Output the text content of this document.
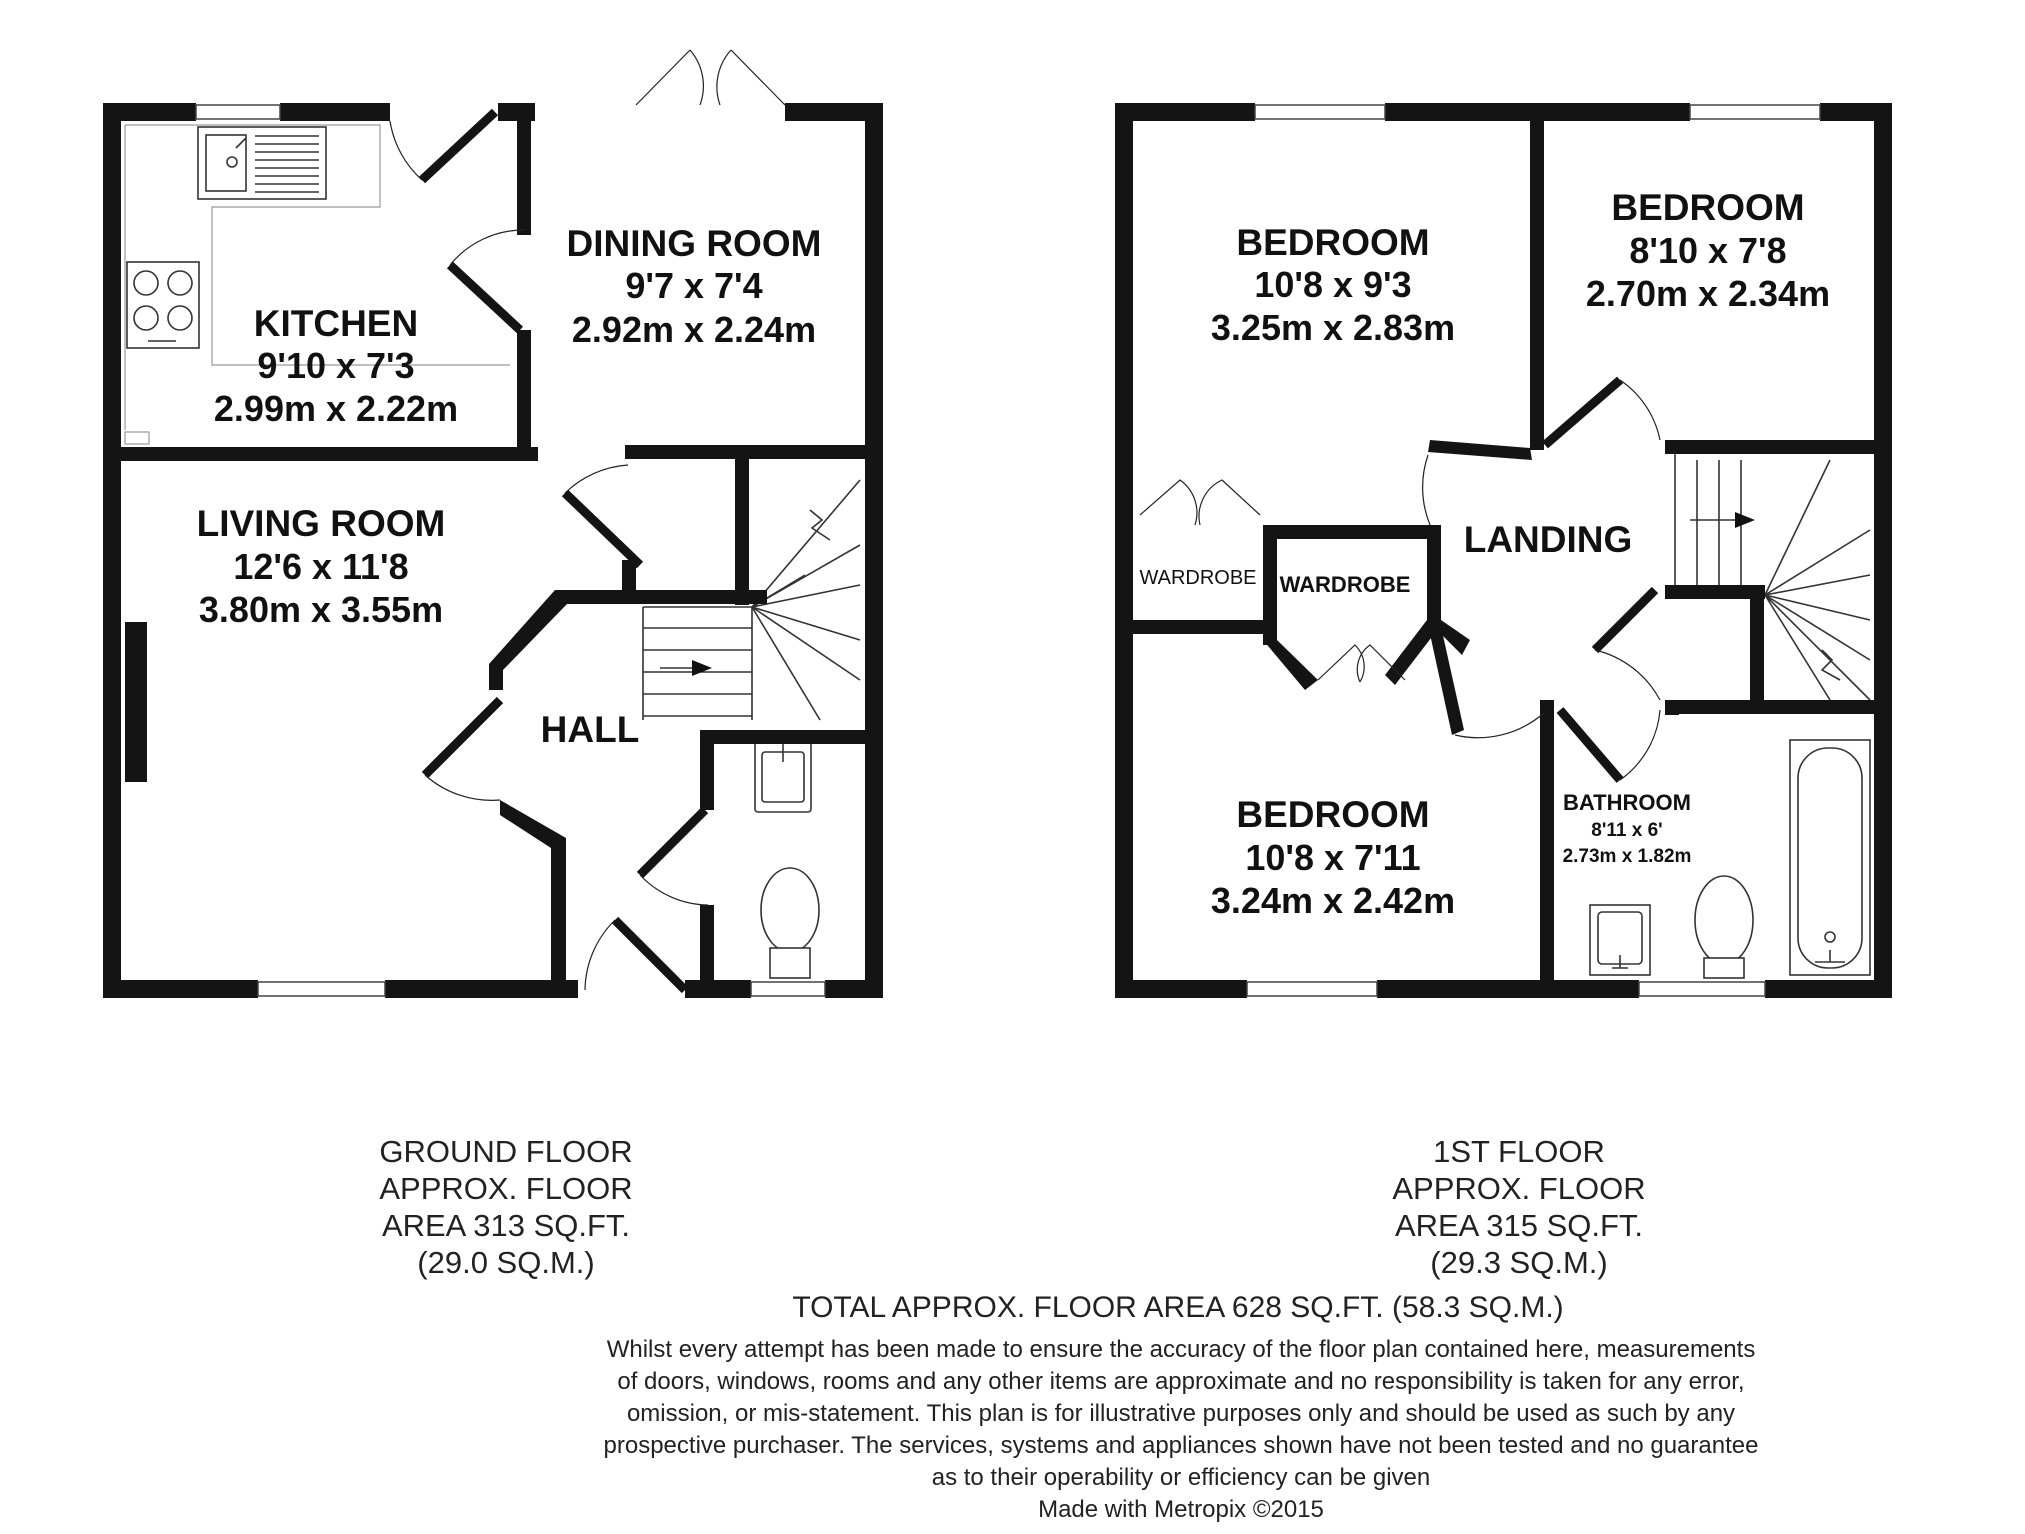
KITCHEN
9'10 x 7'3
2.99m x 2.22m
DINING ROOM
9'7 x 7'4
2.92m x 2.24m
LIVING ROOM
12'6 x 11'8
3.80m x 3.55m
HALL
BEDROOM
10'8 x 9'3
3.25m x 2.83m
BEDROOM
8'10 x 7'8
2.70m x 2.34m
LANDING
WARDROBE WARDROBE
BEDROOM
10'8 x 7'11
3.24m x 2.42m
BATHROOM
8'11 x 6'
2.73m x 1.82m
GROUND FLOOR
APPROX. FLOOR
AREA 313 SQ.FT.
(29.0 SQ.M.)
1ST FLOOR
APPROX. FLOOR
AREA 315 SQ.FT.
(29.3 SQ.M.)
TOTAL APPROX. FLOOR AREA 628 SQ.FT. (58.3 SQ.M.)
Whilst every attempt has been made to ensure the accuracy of the floor plan contained here, measurements
of doors, windows, rooms and any other items are approximate and no responsibility is taken for any error,
omission, or mis-statement. This plan is for illustrative purposes only and should be used as such by any
prospective purchaser. The services, systems and appliances shown have not been tested and no guarantee
as to their operability or efficiency can be given
Made with Metropix ©2015
